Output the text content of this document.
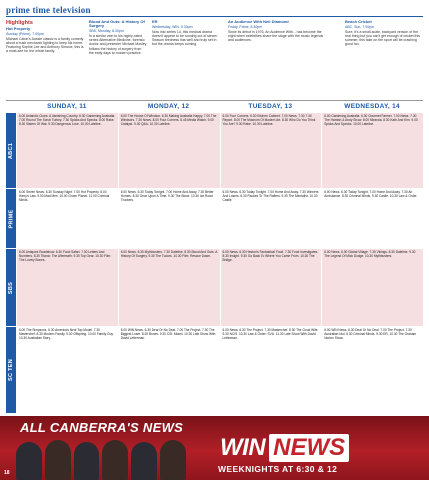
prime time television
Highlights
Hot Property
Sunday (Prime), 7.00pm
Michael Caton's Aussie classic is a family comedy about a bush mechanic fighting to keep his home. Featuring Sophie Lee and Anthony Simcoe, this is a must-see for the whole family.
Blood And Guts: A History Of Surgery
SBS, Monday, 8.30pm
In a similar vein to his highly-rated series Alternative Medicine, forensic doctor and presenter Michael Mosley follows the history of surgery from the early days to modern practice.
ER
Wednesday, WIN, 9.30pm
Now into series 14, this medical drama doesn't appear to be running out of steam. Season tiredness has well and truly set in but the drama keeps coming.
An Audience With Neil Diamond
Friday, Prime, 8.30pm
Since its debut in 1976, An Audience With... has become the night when celebrities share the stage with the music legends and audiences.
Beach Cricket
ABC, Sun, 7.00pm
Sure, it's a small-scale, backyard version of the real thing but you can't get enough of cricket this summer, this take on the sport will be crashing good fun.
SUNDAY, 11	MONDAY, 12	TUESDAY, 13	WEDNESDAY, 14
ABC1
6.00 Antarctic Clues: A Vanishing Country. 6.30 Gardening Australia. 7.00 Round The Scrub Turkey. 7.30 Spicks And Specks. 8.00 Rake. 8.30 Sisters Of War. 9.30 Dangerous Love. 10.00 Lateline.
6.00 The House Of Windsor. 6.30 Making Australia Happy. 7.00 The Windsors. 7.30 News. 8.00 Four Corners. 8.45 Media Watch. 9.00 Catalyst. 9.30 Q&A. 10.30 Lateline.
6.00 Four Corners. 6.30 Kitchen Cabinet. 7.00 News. 7.30 7.30 Report. 8.00 The Museum Of Modern Art. 8.30 Who Do You Think You Are? 9.30 Rake. 10.30 Lateline.
6.00 Gardening Australia. 6.30 Gourmet Farmer. 7.00 News. 7.30 The Hamish & Andy Show. 8.00 Miranda. 8.30 Kath And Kim. 9.00 Spicks And Specks. 10.00 Lateline.
PRIME
6.00 Seven News. 6.30 Sunday Night. 7.00 Hot Property. 8.00 Harry's Law. 9.00 Mad Men. 10.00 Gruen Planet. 11.00 Criminal Minds.
6.00 News. 6.30 Today Tonight. 7.00 Home And Away. 7.30 Better Homes. 8.30 Once Upon A Time. 9.30 The Block. 10.30 Ice Road Truckers.
6.00 News. 6.30 Today Tonight. 7.00 Home And Away. 7.30 Winners And Losers. 8.30 Packed To The Rafters. 9.30 The Mentalist. 10.30 Castle.
6.00 News. 6.30 Today Tonight. 7.00 Home And Away. 7.30 Air Ambulance. 8.30 Criminal Minds. 9.30 Castle. 10.30 Law & Order.
SBS
6.00 Antiques Roadshow. 6.30 Food Safari. 7.30 Letters And Numbers. 8.30 Titanic: The Aftermath. 9.30 Top Gear. 10.30 Film: The Lovely Bones.
6.00 News. 6.30 Mythbusters. 7.30 Dateline. 8.30 Blood And Guts: A History Of Surgery. 9.30 The Tudors. 10.30 Film: Rescue Dawn.
6.00 News. 6.30 Heston's Fantastical Food. 7.30 Food Investigates. 8.30 Insight. 9.30 Go Back To Where You Came From. 10.30 The Bridge.
6.00 News. 6.30 Global Village. 7.30 Vikings. 8.30 Dateline. 9.30 The Legend Of Mick Dodge. 10.30 Mythbusters.
SC TEN
6.00 The Simpsons. 6.30 America's Next Top Model. 7.30 Masterchef. 8.30 Modern Family. 9.00 Offspring. 10.00 Family Guy. 10.30 Australian Story.
6.00 WIN News. 6.30 Deal Or No Deal. 7.00 The Project. 7.30 The Biggest Loser. 8.30 Bones. 9.30 CSI: Miami. 10.30 Late Show With David Letterman.
6.00 News. 6.30 The Project. 7.30 Masterchef. 8.30 The Good Wife. 9.30 NCIS. 10.30 Law & Order: SVU. 11.30 Late Show With David Letterman.
6.00 WIN News. 6.30 Deal Or No Deal. 7.00 The Project. 7.30 Australian Idol. 8.30 Criminal Minds. 9.30 ER. 10.30 The Graham Norton Show.
ALL CANBERRA'S NEWS
WIN NEWS
WEEKNIGHTS AT 6:30 & 12
18
